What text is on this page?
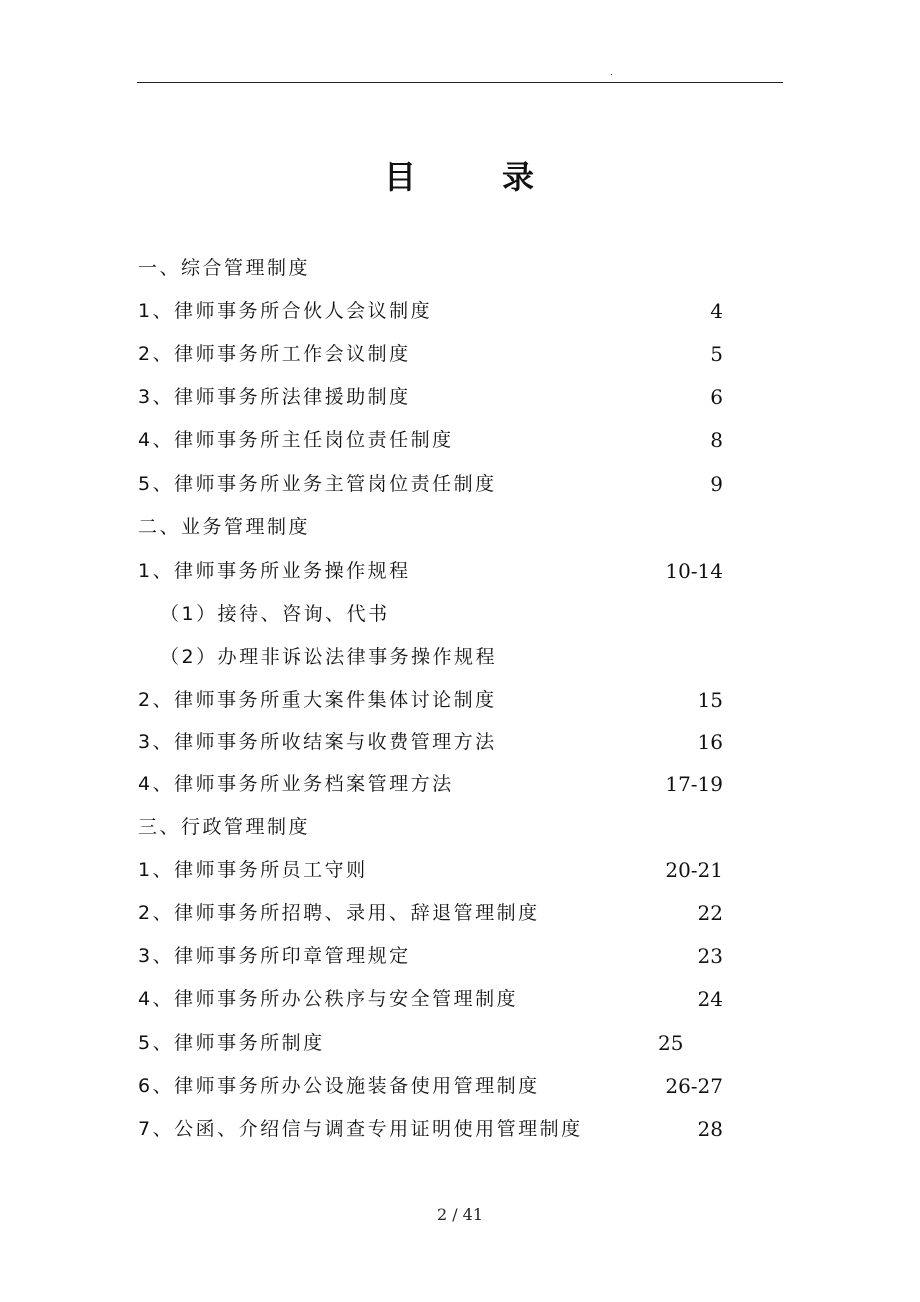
.
目	录
一、综合管理制度
1、律师事务所合伙人会议制度	4
2、律师事务所工作会议制度	5
3、律师事务所法律援助制度	6
4、律师事务所主任岗位责任制度	8
5、律师事务所业务主管岗位责任制度	9
二、业务管理制度
1、律师事务所业务操作规程	10-14
（1）接待、咨询、代书
（2）办理非诉讼法律事务操作规程
2、律师事务所重大案件集体讨论制度	15
3、律师事务所收结案与收费管理方法	16
4、律师事务所业务档案管理方法	17-19
三、行政管理制度
1、律师事务所员工守则	20-21
2、律师事务所招聘、录用、辞退管理制度	22
3、律师事务所印章管理规定	23
4、律师事务所办公秩序与安全管理制度	24
5、律师事务所制度	25
6、律师事务所办公设施装备使用管理制度	26-27
7、公函、介绍信与调查专用证明使用管理制度	28
2 / 41
